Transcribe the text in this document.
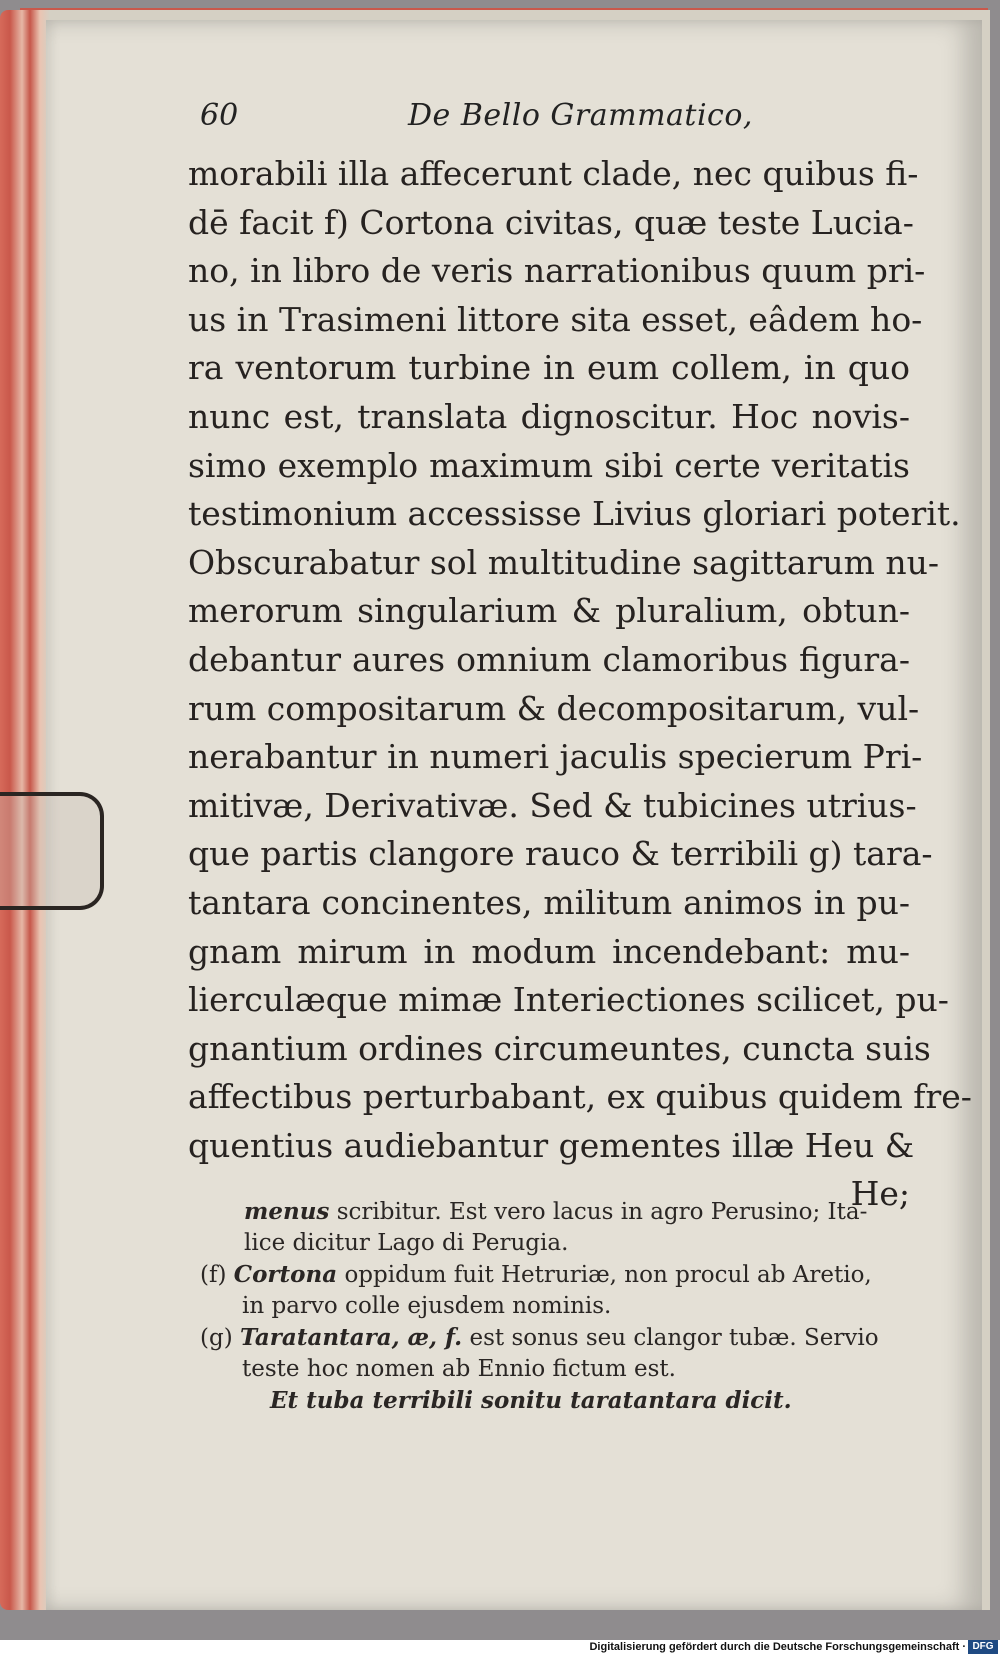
60	De Bello Grammatico,
morabili illa affecerunt clade, nec quibus fi-
dē facit f) Cortona civitas, quæ teste Lucia-
no, in libro de veris narrationibus quum pri-
us in Trasimeni littore sita esset, eâdem ho-
ra ventorum turbine in eum collem, in quo
nunc est, translata dignoscitur. Hoc novis-
simo exemplo maximum sibi certe veritatis
testimonium accessisse Livius gloriari poterit.
Obscurabatur sol multitudine sagittarum nu-
merorum singularium & pluralium, obtun-
debantur aures omnium clamoribus figura-
rum compositarum & decompositarum, vul-
nerabantur in numeri jaculis specierum Pri-
mitivæ, Derivativæ. Sed & tubicines utrius-
que partis clangore rauco & terribili g) tara-
tantara concinentes, militum animos in pu-
gnam mirum in modum incendebant: mu-
lierculæque mimæ Interiectiones scilicet, pu-
gnantium ordines circumeuntes, cuncta suis
affectibus perturbabant, ex quibus quidem fre-
quentius audiebantur gementes illæ Heu &
He;
menus scribitur. Est vero lacus in agro Perusino; Ita-
lice dicitur Lago di Perugia.
(f) Cortona oppidum fuit Hetruriæ, non procul ab Aretio,
in parvo colle ejusdem nominis.
(g) Taratantara, æ, f. est sonus seu clangor tubæ. Servio
teste hoc nomen ab Ennio fictum est.
Et tuba terribili sonitu taratantara dicit.
Digitalisierung gefördert durch die Deutsche Forschungsgemeinschaft · DFG
